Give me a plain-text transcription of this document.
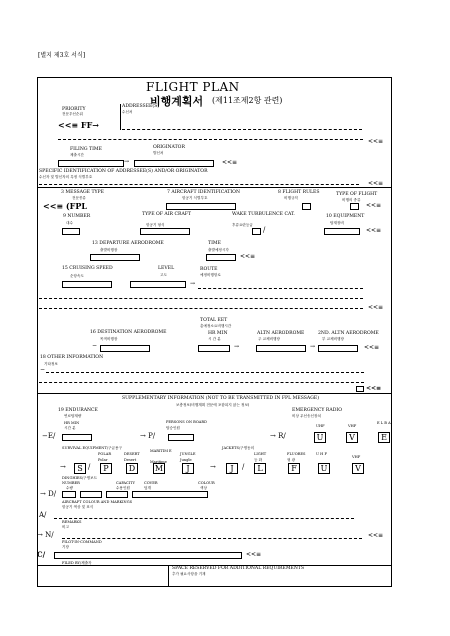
[별지 제3호 서식]
FLIGHT PLAN
비행계획서 (제11조제2항 관련)
PRIORITY
전문우선순위
<<≡ FF→
ADDRESSEE(S)
수신처
<<≡
FILING TIME
제출시간
ORIGINATOR
발신처
→	<<≡
SPECIFIC IDENTIFICATION OF ADDRESSEE(S) AND/OR ORIGINATOR
수신자 및 발신자의 특정 식별부호
<<≡
3 MESSAGE TYPE
전문종류
<<≡ (FPL
7 AIRCRAFT IDENTIFICATION
항공기 식별부호
8 FLIGHT RULES
비행규칙
TYPE OF FLIGHT
비행의 종류
<<≡
9 NUMBER
대수
TYPE OF AIR CRAFT
항공기 형식
WAKE TURBULENCE CAT.
후류요란등급
/
10 EQUIPMENT
탑재장비
<<≡
13 DEPARTURE AERODROME
출발비행장
TIME
출발예정시각
<<≡
15 CRUISING SPEED
순항속도
LEVEL
고도
ROUTE
예정비행항로
→
<<≡
TOTAL EET
총예정소요비행시간
16 DESTINATION AERODROME
목적비행장
−
HR MIN
시 간 분
→
ALTN AERODROME
주 교체비행장
→
2ND. ALTN AERODROME
부 교체비행장
<<≡
18 OTHER INFORMATION
기타정보
−
<<≡
SUPPLEMENTARY INFORMATION (NOT TO BE TRANSMITTED IN FPL MESSAGE)
보충정보(비행계획 전문에 포함되지 않는 정보)
19 ENDURANCE
연료탑재량
HR MIN
시간 분
PERSONS ON BOARD
탑승인원
EMERGENCY RADIO
비상 무선송신장치
UHF	VHF
E L B A
−E/	→ P/	→ R/	U	V	E
SURVIVAL EQUIPMENT/구급용구
POLAR
Polar
DESERT
Desert
MARITIM E
Maritime
JUNGLE
Jungle
JACKETS/구명동의
LIGHT
등 화
FLUORES
형 광
U H F
VHF
→	S /	P	D	M	J	→	J	/	L	F	U	V
DINGHIES/구명보트
NUMBER
수량
CAPACITY
수용인원
COVER
덮개
COLOUR
색상
→ D/
AIRCRAFT COLOUR AND MARKINGS
항공기 색상 및 표식
A/
REMARKS
비고
→ N/	<<≡
PILOT-IN-COMMAND
기장
C/	<<≡
FILED BY/제출자
SPACE RESERVED FOR ADDITIONAL REQUIREMENTS
추가 필요사항을 기재
